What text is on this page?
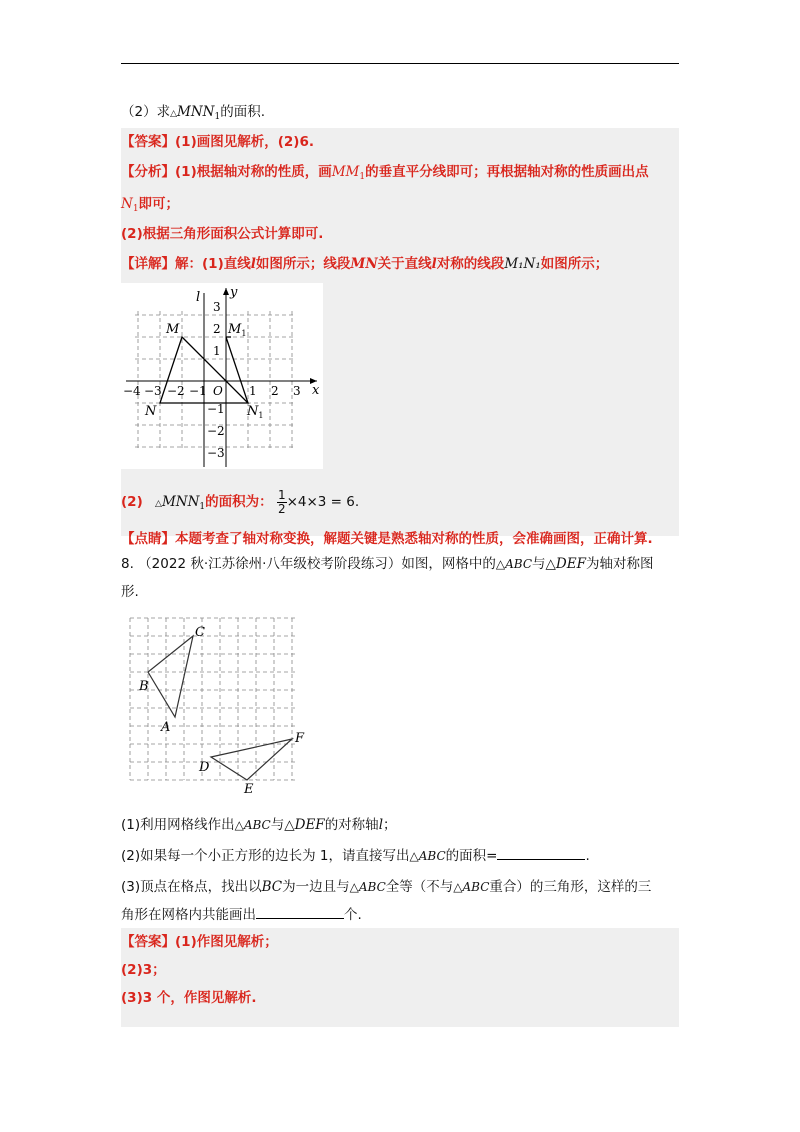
（2）求$\triangle MNN_1$的面积.
【答案】(1)画图见解析，(2)6.
【分析】(1)根据轴对称的性质，画$MM_1$的垂直平分线即可；再根据轴对称的性质画出点
$N_1$即可；
(2)根据三角形面积公式计算即可.
【详解】解：(1)直线l如图所示；线段MN关于直线l对称的线段M₁N₁如图所示；
l y
x
O
M	$M_1$
N	$N_1$
−4 −3 −2 −1	1 2 3
3
2
1
−1
−2
−3
(2) $\triangle MNN_1$的面积为： $\frac{1}{2} \times 4\times 3 = 6$.
【点睛】本题考查了轴对称变换，解题关键是熟悉轴对称的性质，会准确画图，正确计算.
8. （2022 秋·江苏徐州·八年级校考阶段练习）如图，网格中的△ABC与△DEF为轴对称图
形.
C
B
A
F
D
E
(1)利用网格线作出△ABC与△DEF的对称轴l；
(2)如果每一个小正方形的边长为 1，请直接写出△ABC的面积=	.
(3)顶点在格点，找出以BC为一边且与△ABC全等（不与△ABC重合）的三角形，这样的三
角形在网格内共能画出	个.
【答案】(1)作图见解析；
(2)3；
(3)3 个，作图见解析.
